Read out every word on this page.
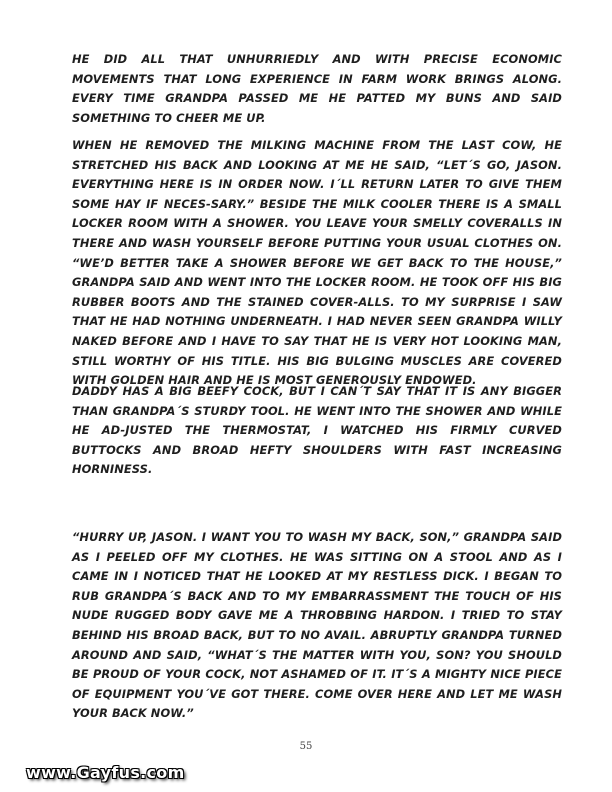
HE DID ALL THAT UNHURRIEDLY AND WITH PRECISE ECONOMIC MOVEMENTS THAT LONG EXPERIENCE IN FARM WORK BRINGS ALONG. EVERY TIME GRANDPA PASSED ME HE PATTED MY BUNS AND SAID SOMETHING TO CHEER ME UP.

WHEN HE REMOVED THE MILKING MACHINE FROM THE LAST COW, HE STRETCHED HIS BACK AND LOOKING AT ME HE SAID, “LET´S GO, JASON. EVERYTHING HERE IS IN ORDER NOW. I´LL RETURN LATER TO GIVE THEM SOME HAY IF NECES-SARY.” BESIDE THE MILK COOLER THERE IS A SMALL LOCKER ROOM WITH A SHOWER. YOU LEAVE YOUR SMELLY COVERALLS IN THERE AND WASH YOURSELF BEFORE PUTTING YOUR USUAL CLOTHES ON. “WE’D BETTER TAKE A SHOWER BEFORE WE GET BACK TO THE HOUSE,” GRANDPA SAID AND WENT INTO THE LOCKER ROOM. HE TOOK OFF HIS BIG RUBBER BOOTS AND THE STAINED COVER-ALLS. TO MY SURPRISE I SAW THAT HE HAD NOTHING UNDERNEATH. I HAD NEVER SEEN GRANDPA WILLY NAKED BEFORE AND I HAVE TO SAY THAT HE IS VERY HOT LOOKING MAN, STILL WORTHY OF HIS TITLE. HIS BIG BULGING MUSCLES ARE COVERED WITH GOLDEN HAIR AND HE IS MOST GENEROUSLY ENDOWED.

DADDY HAS A BIG BEEFY COCK, BUT I CAN´T SAY THAT IT IS ANY BIGGER THAN GRANDPA´S STURDY TOOL. HE WENT INTO THE SHOWER AND WHILE HE AD-JUSTED THE THERMOSTAT, I WATCHED HIS FIRMLY CURVED BUTTOCKS AND BROAD HEFTY SHOULDERS WITH FAST INCREASING HORNINESS.

“HURRY UP, JASON. I WANT YOU TO WASH MY BACK, SON,” GRANDPA SAID AS I PEELED OFF MY CLOTHES. HE WAS SITTING ON A STOOL AND AS I CAME IN I NOTICED THAT HE LOOKED AT MY RESTLESS DICK. I BEGAN TO RUB GRANDPA´S BACK AND TO MY EMBARRASSMENT THE TOUCH OF HIS NUDE RUGGED BODY GAVE ME A THROBBING HARDON. I TRIED TO STAY BEHIND HIS BROAD BACK, BUT TO NO AVAIL. ABRUPTLY GRANDPA TURNED AROUND AND SAID, “WHAT´S THE MATTER WITH YOU, SON? YOU SHOULD BE PROUD OF YOUR COCK, NOT ASHAMED OF IT. IT´S A MIGHTY NICE PIECE OF EQUIPMENT YOU´VE GOT THERE. COME OVER HERE AND LET ME WASH YOUR BACK NOW.”

55
www.Gayfus.com
